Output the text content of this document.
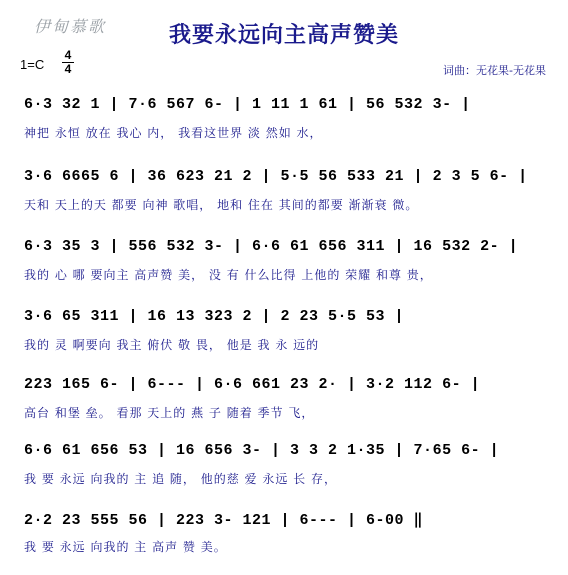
伊甸慕歌	我要永远向主高声赞美
1=C
4
4	词曲：无花果-无花果
6·3 32 1 | 7·6 567 6- | 1 11 1 61 | 56 532 3- |
神把 永恒 放在 我心 内， 我看这世界 淡 然如 水，
3·6 6665 6 | 36 623 21 2 | 5·5 56 533 21 | 2 3 5 6- |
天和 天上的天 都要 向神 歌唱， 地和 住在 其间的都要 渐渐衰 微。
6·3 35 3 | 556 532 3- | 6·6 61 656 311 | 16 532 2- |
我的 心 哪 要向主 高声赞 美， 没 有 什么比得 上他的 荣耀 和尊 贵，
3·6 65 311 | 16 13 323 2 | 2 23 5·5 53 |
我的 灵 啊要向 我主 俯伏 敬 畏， 他是 我 永 远的
223 165 6- | 6--- | 6·6 661 23 2· | 3·2 112 6- |
高台 和堡 垒。 看那 天上的 燕 子 随着 季节 飞，
6·6 61 656 53 | 16 656 3- | 3 3 2 1·35 | 7·65 6- |
我 要 永远 向我的 主 追 随， 他的慈 爱 永远 长 存，
2·2 23 555 56 | 223 3- 121 | 6--- | 6-00 ‖
我 要 永远 向我的 主 高声 赞 美。
